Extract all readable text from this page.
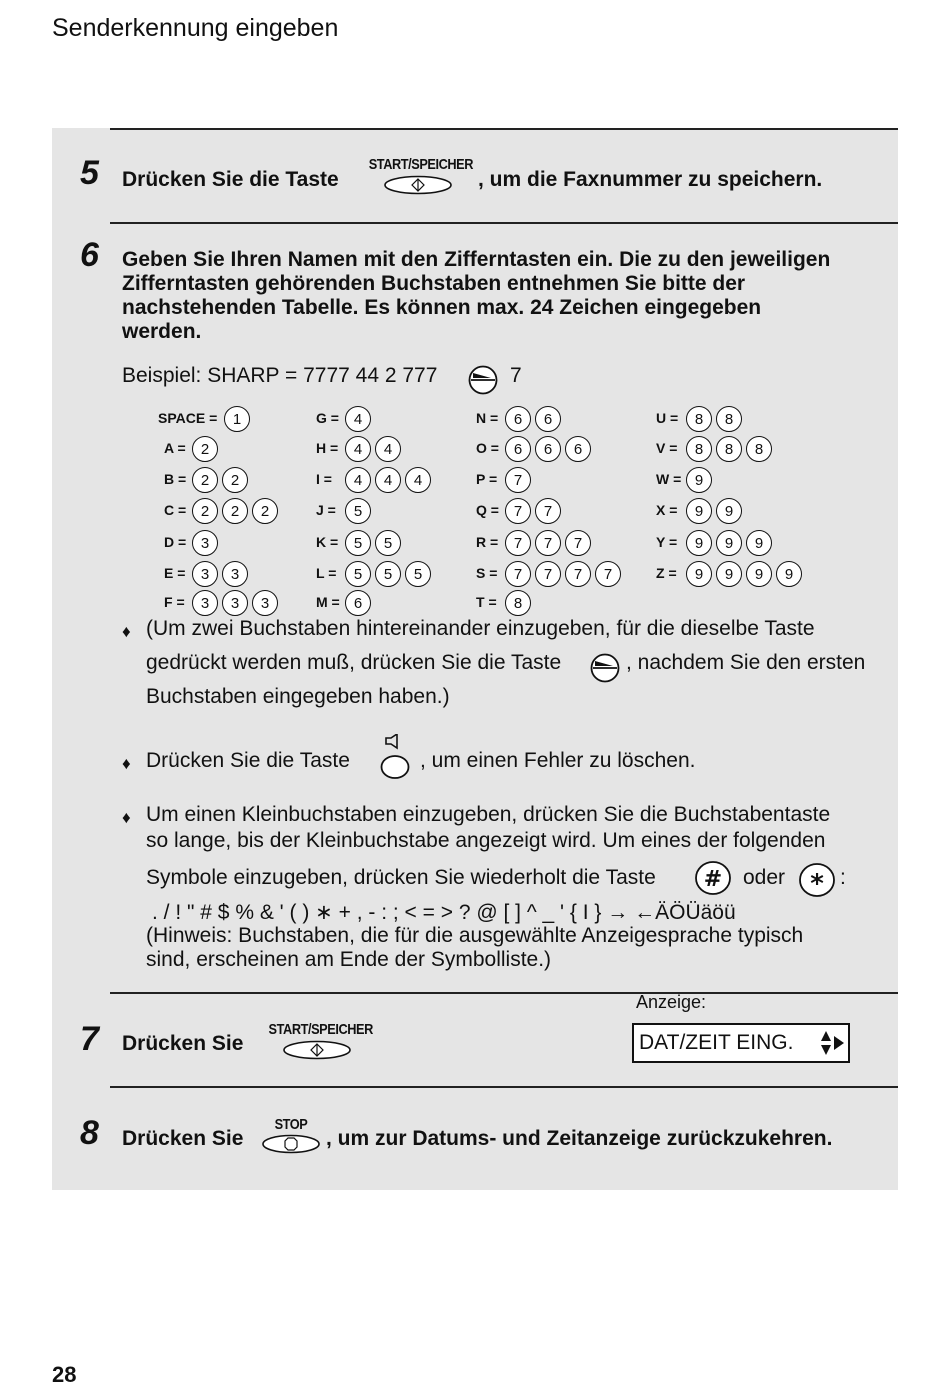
Senderkennung eingeben
5 Drücken Sie die Taste
START/SPEICHER
, um die Faxnummer zu speichern.
6 Geben Sie Ihren Namen mit den Zifferntasten ein. Die zu den jeweiligen
Zifferntasten gehörenden Buchstaben entnehmen Sie bitte der
nachstehenden Tabelle. Es können max. 24 Zeichen eingegeben
werden.
Beispiel: SHARP = 7777 44 2 777	7
SPACE =	1
A =	2
B = 2	2
C = 2	2	2
D = 3
E =	3	3
F =	3	3	3
G = 4
H =	4	4
I =	4	4	4
J =	5
K =	5	5
L =	5	5	5
M = 6
N =	6	6
O = 6	6	6
P =	7
Q = 7	7
R =	7	7	7
S =	7	7	7	7
T =	8
U =	8	8
V =	8	8	8
W = 9
X =	9	9
Y =	9	9	9
Z =	9	9	9	9
♦ (Um zwei Buchstaben hintereinander einzugeben, für die dieselbe Taste
gedrückt werden muß, drücken Sie die Taste	, nachdem Sie den ersten
Buchstaben eingegeben haben.)
♦ Drücken Sie die Taste	, um einen Fehler zu löschen.
♦ Um einen Kleinbuchstaben einzugeben, drücken Sie die Buchstabentaste
so lange, bis der Kleinbuchstabe angezeigt wird. Um eines der folgenden
Symbole einzugeben, drücken Sie wiederholt die Taste # oder * :
. / ! " # $ % & ' ( ) ∗ + , - : ; < = > ? @ [ ] ^ _ ' { I } → ←ÄÖÜäöü
(Hinweis: Buchstaben, die für die ausgewählte Anzeigesprache typisch
sind, erscheinen am Ende der Symbolliste.)
7 Drücken Sie
START/SPEICHER
Anzeige:
DAT/ZEIT EING.
8 Drücken Sie
STOP
, um zur Datums- und Zeitanzeige zurückzukehren.
28
